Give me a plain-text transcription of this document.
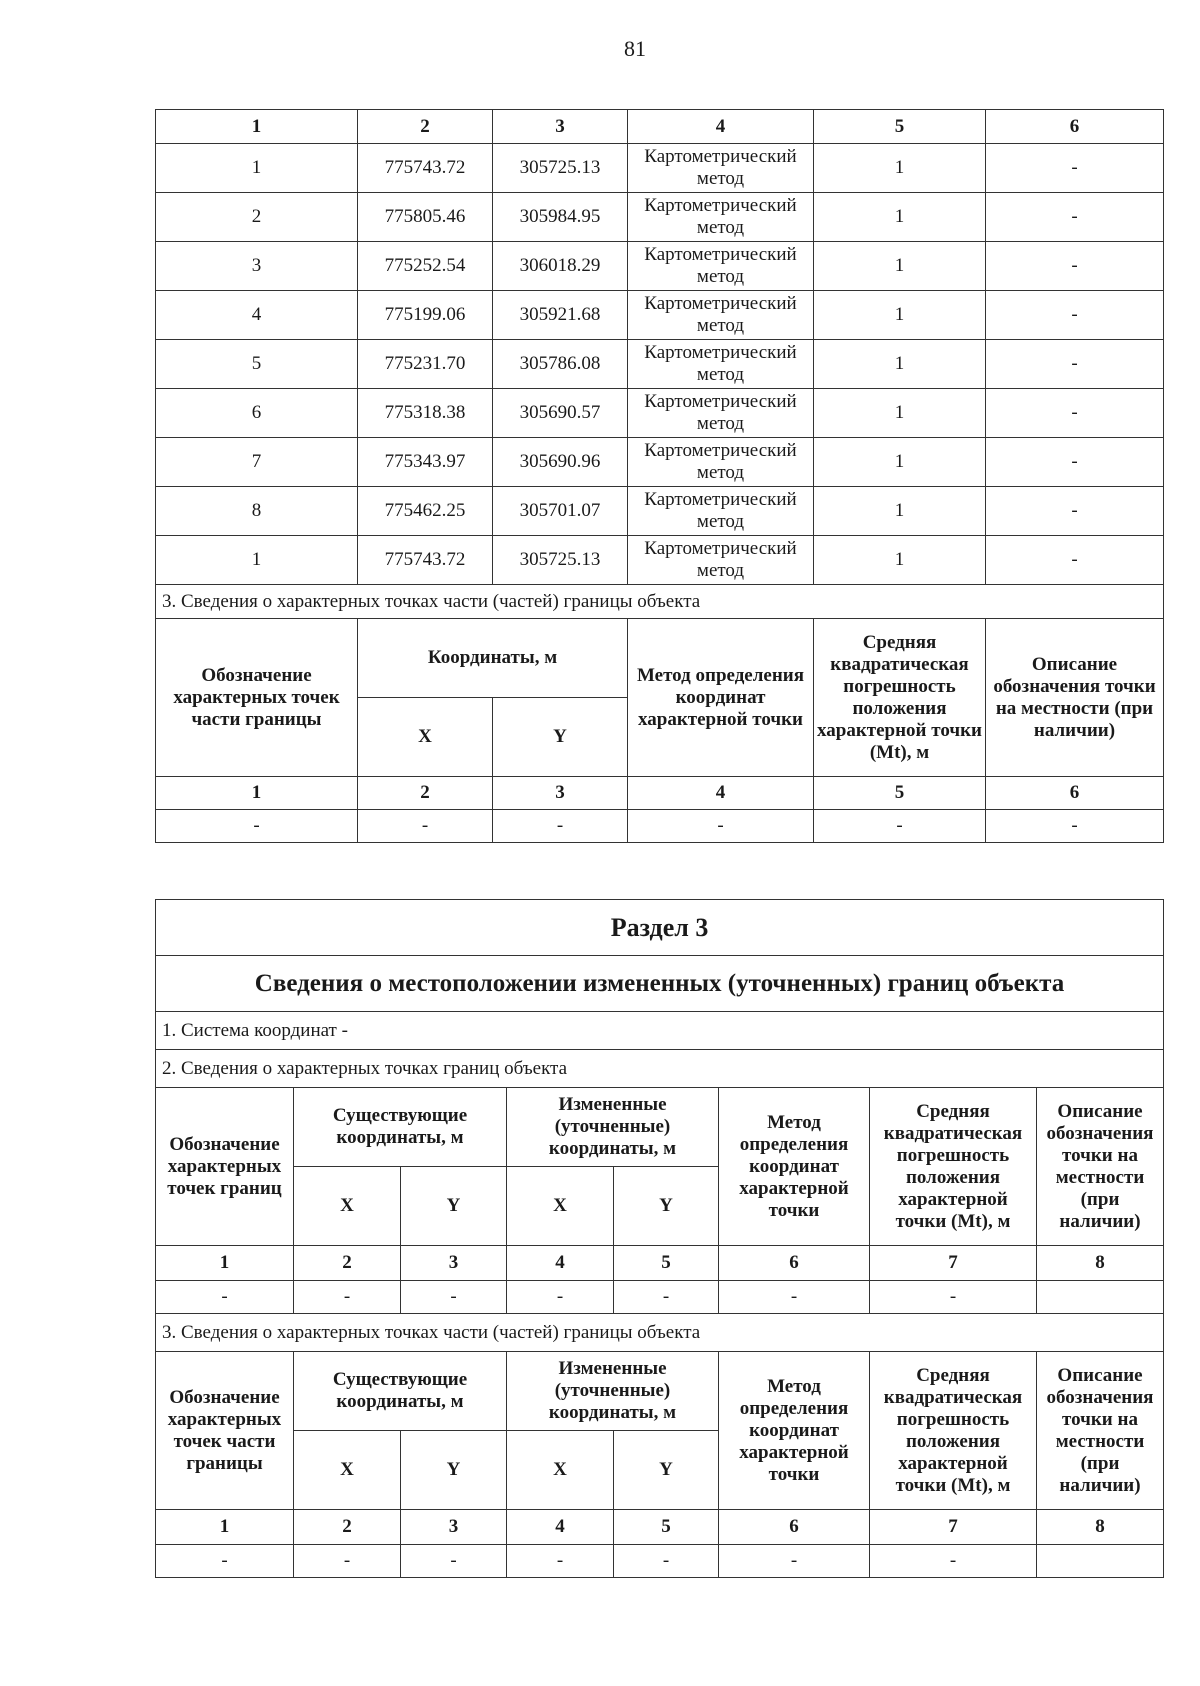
81
1	2	3	4	5	6
1	775743.72	305725.13	Картометрический метод	1	-
2	775805.46	305984.95	Картометрический метод	1	-
3	775252.54	306018.29	Картометрический метод	1	-
4	775199.06	305921.68	Картометрический метод	1	-
5	775231.70	305786.08	Картометрический метод	1	-
6	775318.38	305690.57	Картометрический метод	1	-
7	775343.97	305690.96	Картометрический метод	1	-
8	775462.25	305701.07	Картометрический метод	1	-
1	775743.72	305725.13	Картометрический метод	1	-
3. Сведения о характерных точках части (частей) границы объекта					
Обозначение характерных точек части границы	Координаты, м		Метод определения координат характерной точки	Средняя квадратическая погрешность положения характерной точки (Mt), м	Описание обозначения точки на местности (при наличии)
	X	Y			
1	2	3	4	5	6
-	-	-	-	-	-
Раздел 3							
Сведения о местоположении измененных (уточненных) границ объекта							
1. Система координат -							
2. Сведения о характерных точках границ объекта							
Обозначение характерных точек границ	Существующие координаты, м		Измененные (уточненные) координаты, м		Метод определения координат характерной точки	Средняя квадратическая погрешность положения характерной точки (Mt), м	Описание обозначения точки на местности (при наличии)
	X	Y	X	Y			
1	2	3	4	5	6	7	8
-	-	-	-	-	-	-	
3. Сведения о характерных точках части (частей) границы объекта							
Обозначение характерных точек части границы	Существующие координаты, м		Измененные (уточненные) координаты, м		Метод определения координат характерной точки	Средняя квадратическая погрешность положения характерной точки (Mt), м	Описание обозначения точки на местности (при наличии)
	X	Y	X	Y			
1	2	3	4	5	6	7	8
-	-	-	-	-	-	-	
